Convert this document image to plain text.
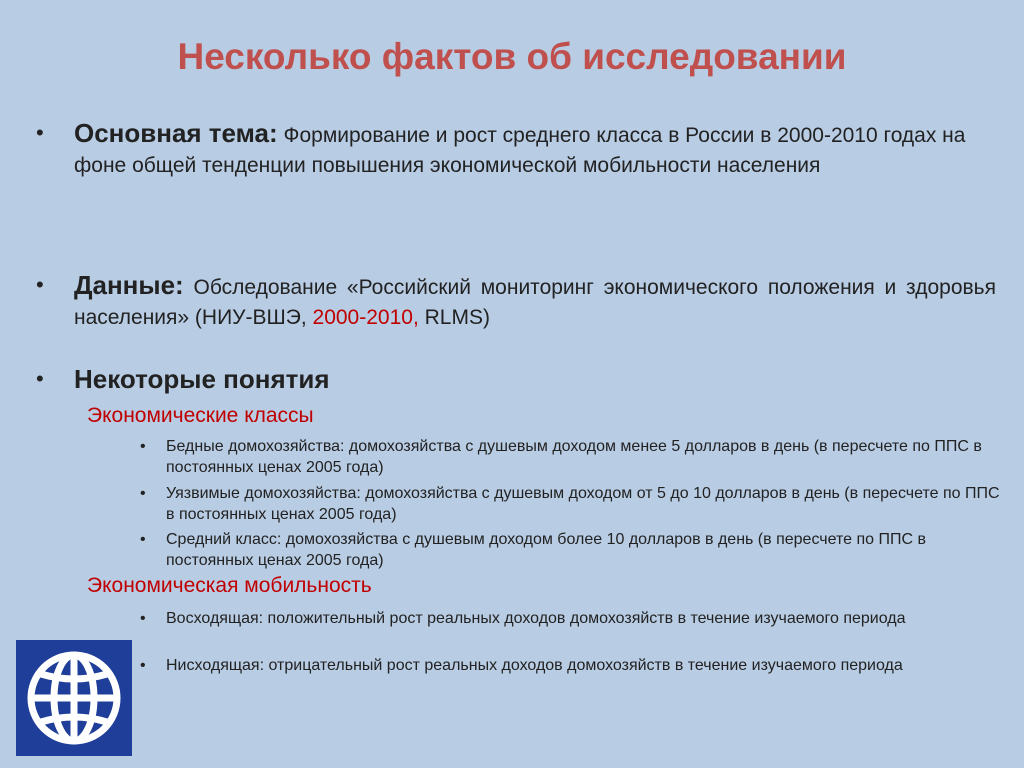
Несколько фактов об исследовании
• Основная тема: Формирование и рост среднего класса в России в 2000-2010 годах на фоне общей тенденции повышения экономической мобильности населения
• Данные: Обследование «Российский мониторинг экономического положения и здоровья населения» (НИУ-ВШЭ, 2000-2010, RLMS)
• Некоторые понятия
Экономические классы
• Бедные домохозяйства: домохозяйства с душевым доходом менее 5 долларов в день (в пересчете по ППС в постоянных ценах 2005 года)
• Уязвимые домохозяйства: домохозяйства с душевым доходом от 5 до 10 долларов в день (в пересчете по ППС в постоянных ценах 2005 года)
• Средний класс: домохозяйства с душевым доходом более 10 долларов в день (в пересчете по ППС в постоянных ценах 2005 года)
Экономическая мобильность
• Восходящая: положительный рост реальных доходов домохозяйств в течение изучаемого периода
• Нисходящая: отрицательный рост реальных доходов домохозяйств в течение изучаемого периода
